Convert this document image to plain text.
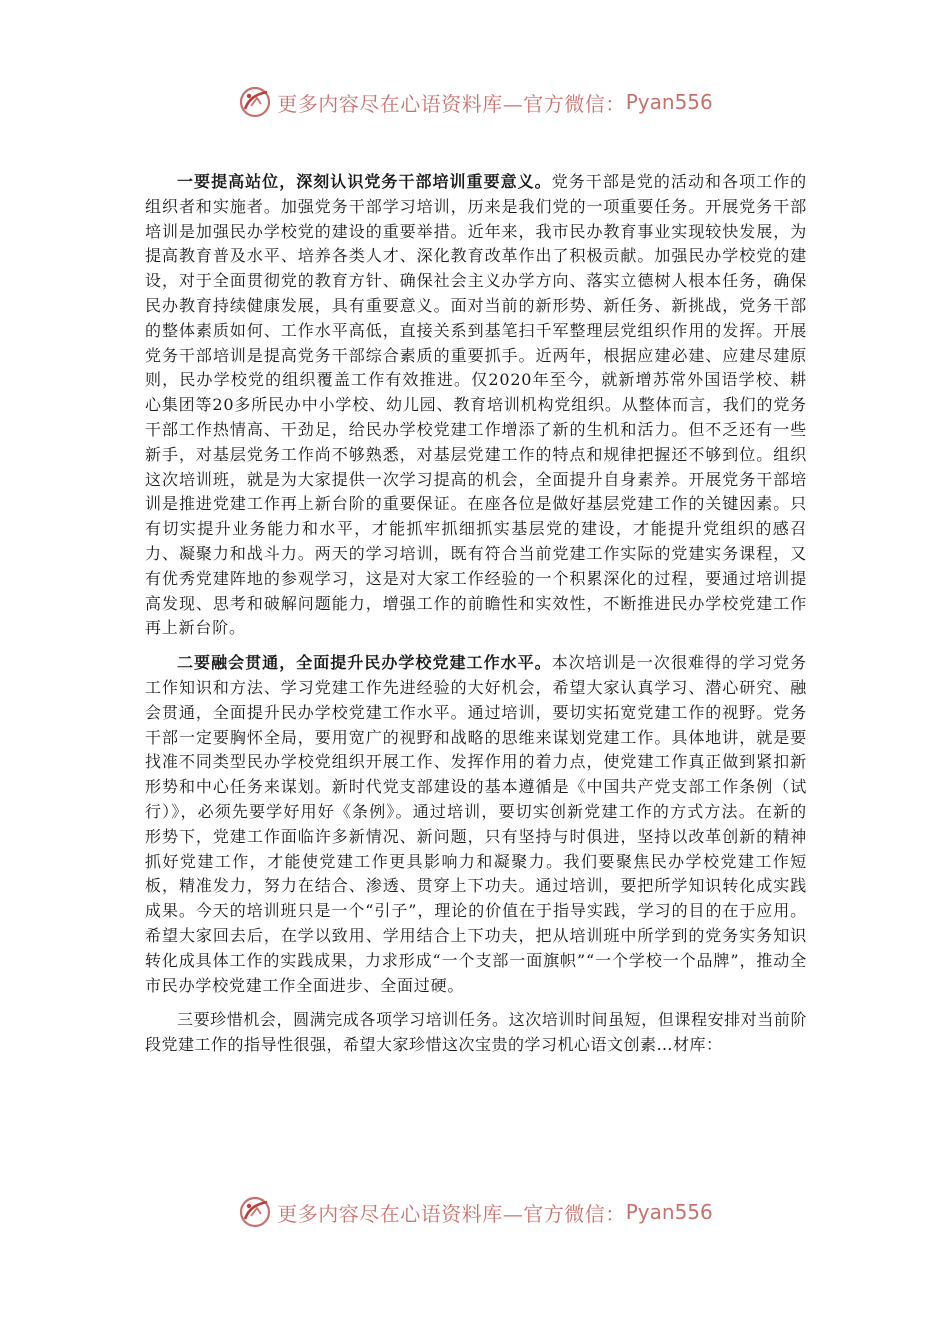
更多内容尽在心语资料库—官方微信： Pyan556

一要提高站位，深刻认识党务干部培训重要意义。党务干部是党的活动和各项工作的组织者和实施者。加强党务干部学习培训，历来是我们党的一项重要任务。开展党务干部培训是加强民办学校党的建设的重要举措。近年来，我市民办教育事业实现较快发展，为提高教育普及水平、培养各类人才、深化教育改革作出了积极贡献。加强民办学校党的建设，对于全面贯彻党的教育方针、确保社会主义办学方向、落实立德树人根本任务，确保民办教育持续健康发展，具有重要意义。面对当前的新形势、新任务、新挑战，党务干部的整体素质如何、工作水平高低，直接关系到基笔扫千军整理层党组织作用的发挥。开展党务干部培训是提高党务干部综合素质的重要抓手。近两年，根据应建必建、应建尽建原则，民办学校党的组织覆盖工作有效推进。仅2020年至今，就新增苏常外国语学校、耕心集团等20多所民办中小学校、幼儿园、教育培训机构党组织。从整体而言，我们的党务干部工作热情高、干劲足，给民办学校党建工作增添了新的生机和活力。但不乏还有一些新手，对基层党务工作尚不够熟悉，对基层党建工作的特点和规律把握还不够到位。组织这次培训班，就是为大家提供一次学习提高的机会，全面提升自身素养。开展党务干部培训是推进党建工作再上新台阶的重要保证。在座各位是做好基层党建工作的关键因素。只有切实提升业务能力和水平，才能抓牢抓细抓实基层党的建设，才能提升党组织的感召力、凝聚力和战斗力。两天的学习培训，既有符合当前党建工作实际的党建实务课程，又有优秀党建阵地的参观学习，这是对大家工作经验的一个积累深化的过程，要通过培训提高发现、思考和破解问题能力，增强工作的前瞻性和实效性，不断推进民办学校党建工作再上新台阶。

二要融会贯通，全面提升民办学校党建工作水平。本次培训是一次很难得的学习党务工作知识和方法、学习党建工作先进经验的大好机会，希望大家认真学习、潜心研究、融会贯通，全面提升民办学校党建工作水平。通过培训，要切实拓宽党建工作的视野。党务干部一定要胸怀全局，要用宽广的视野和战略的思维来谋划党建工作。具体地讲，就是要找准不同类型民办学校党组织开展工作、发挥作用的着力点，使党建工作真正做到紧扣新形势和中心任务来谋划。新时代党支部建设的基本遵循是《中国共产党支部工作条例（试行）》，必须先要学好用好《条例》。通过培训，要切实创新党建工作的方式方法。在新的形势下，党建工作面临许多新情况、新问题，只有坚持与时俱进，坚持以改革创新的精神抓好党建工作，才能使党建工作更具影响力和凝聚力。我们要聚焦民办学校党建工作短板，精准发力，努力在结合、渗透、贯穿上下功夫。通过培训，要把所学知识转化成实践成果。今天的培训班只是一个“引子”，理论的价值在于指导实践，学习的目的在于应用。希望大家回去后，在学以致用、学用结合上下功夫，把从培训班中所学到的党务实务知识转化成具体工作的实践成果，力求形成“一个支部一面旗帜”“一个学校一个品牌”，推动全市民办学校党建工作全面进步、全面过硬。

三要珍惜机会，圆满完成各项学习培训任务。这次培训时间虽短，但课程安排对当前阶段党建工作的指导性很强，希望大家珍惜这次宝贵的学习机心语文创素…材库：

更多内容尽在心语资料库—官方微信： Pyan556
